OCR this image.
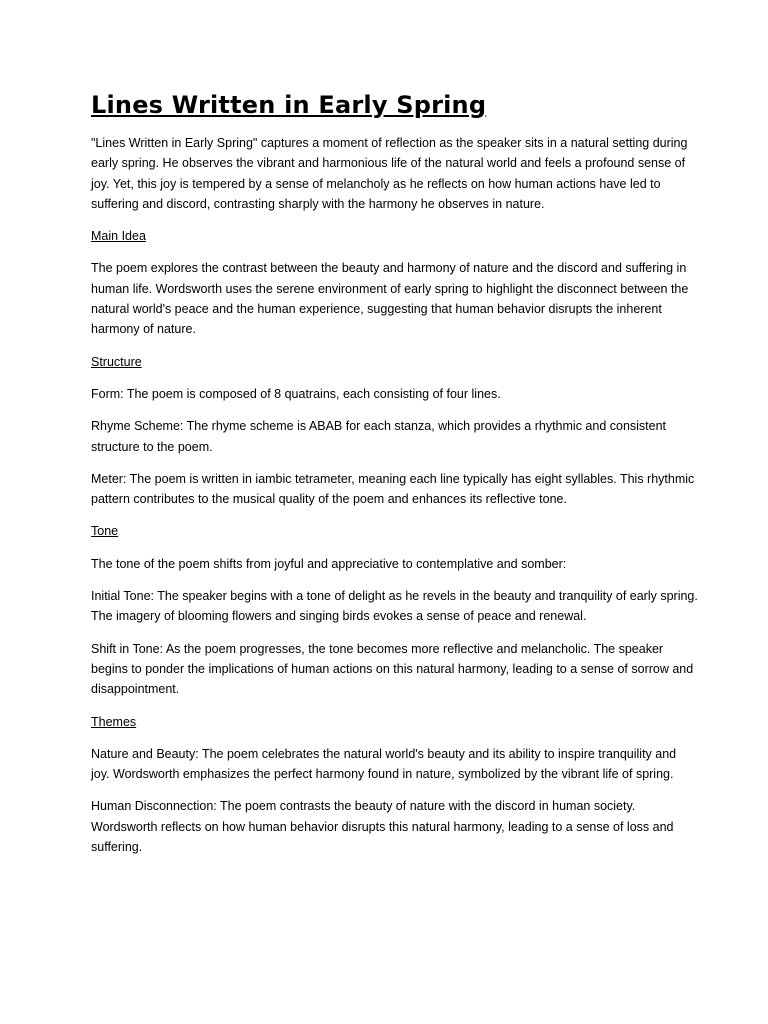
Lines Written in Early Spring

"Lines Written in Early Spring" captures a moment of reflection as the speaker sits in a natural setting during early spring. He observes the vibrant and harmonious life of the natural world and feels a profound sense of joy. Yet, this joy is tempered by a sense of melancholy as he reflects on how human actions have led to suffering and discord, contrasting sharply with the harmony he observes in nature.

Main Idea

The poem explores the contrast between the beauty and harmony of nature and the discord and suffering in human life. Wordsworth uses the serene environment of early spring to highlight the disconnect between the natural world's peace and the human experience, suggesting that human behavior disrupts the inherent harmony of nature.

Structure

Form: The poem is composed of 8 quatrains, each consisting of four lines.

Rhyme Scheme: The rhyme scheme is ABAB for each stanza, which provides a rhythmic and consistent structure to the poem.

Meter: The poem is written in iambic tetrameter, meaning each line typically has eight syllables. This rhythmic pattern contributes to the musical quality of the poem and enhances its reflective tone.

Tone

The tone of the poem shifts from joyful and appreciative to contemplative and somber:

Initial Tone: The speaker begins with a tone of delight as he revels in the beauty and tranquility of early spring. The imagery of blooming flowers and singing birds evokes a sense of peace and renewal.

Shift in Tone: As the poem progresses, the tone becomes more reflective and melancholic. The speaker begins to ponder the implications of human actions on this natural harmony, leading to a sense of sorrow and disappointment.

Themes

Nature and Beauty: The poem celebrates the natural world's beauty and its ability to inspire tranquility and joy. Wordsworth emphasizes the perfect harmony found in nature, symbolized by the vibrant life of spring.

Human Disconnection: The poem contrasts the beauty of nature with the discord in human society. Wordsworth reflects on how human behavior disrupts this natural harmony, leading to a sense of loss and suffering.
